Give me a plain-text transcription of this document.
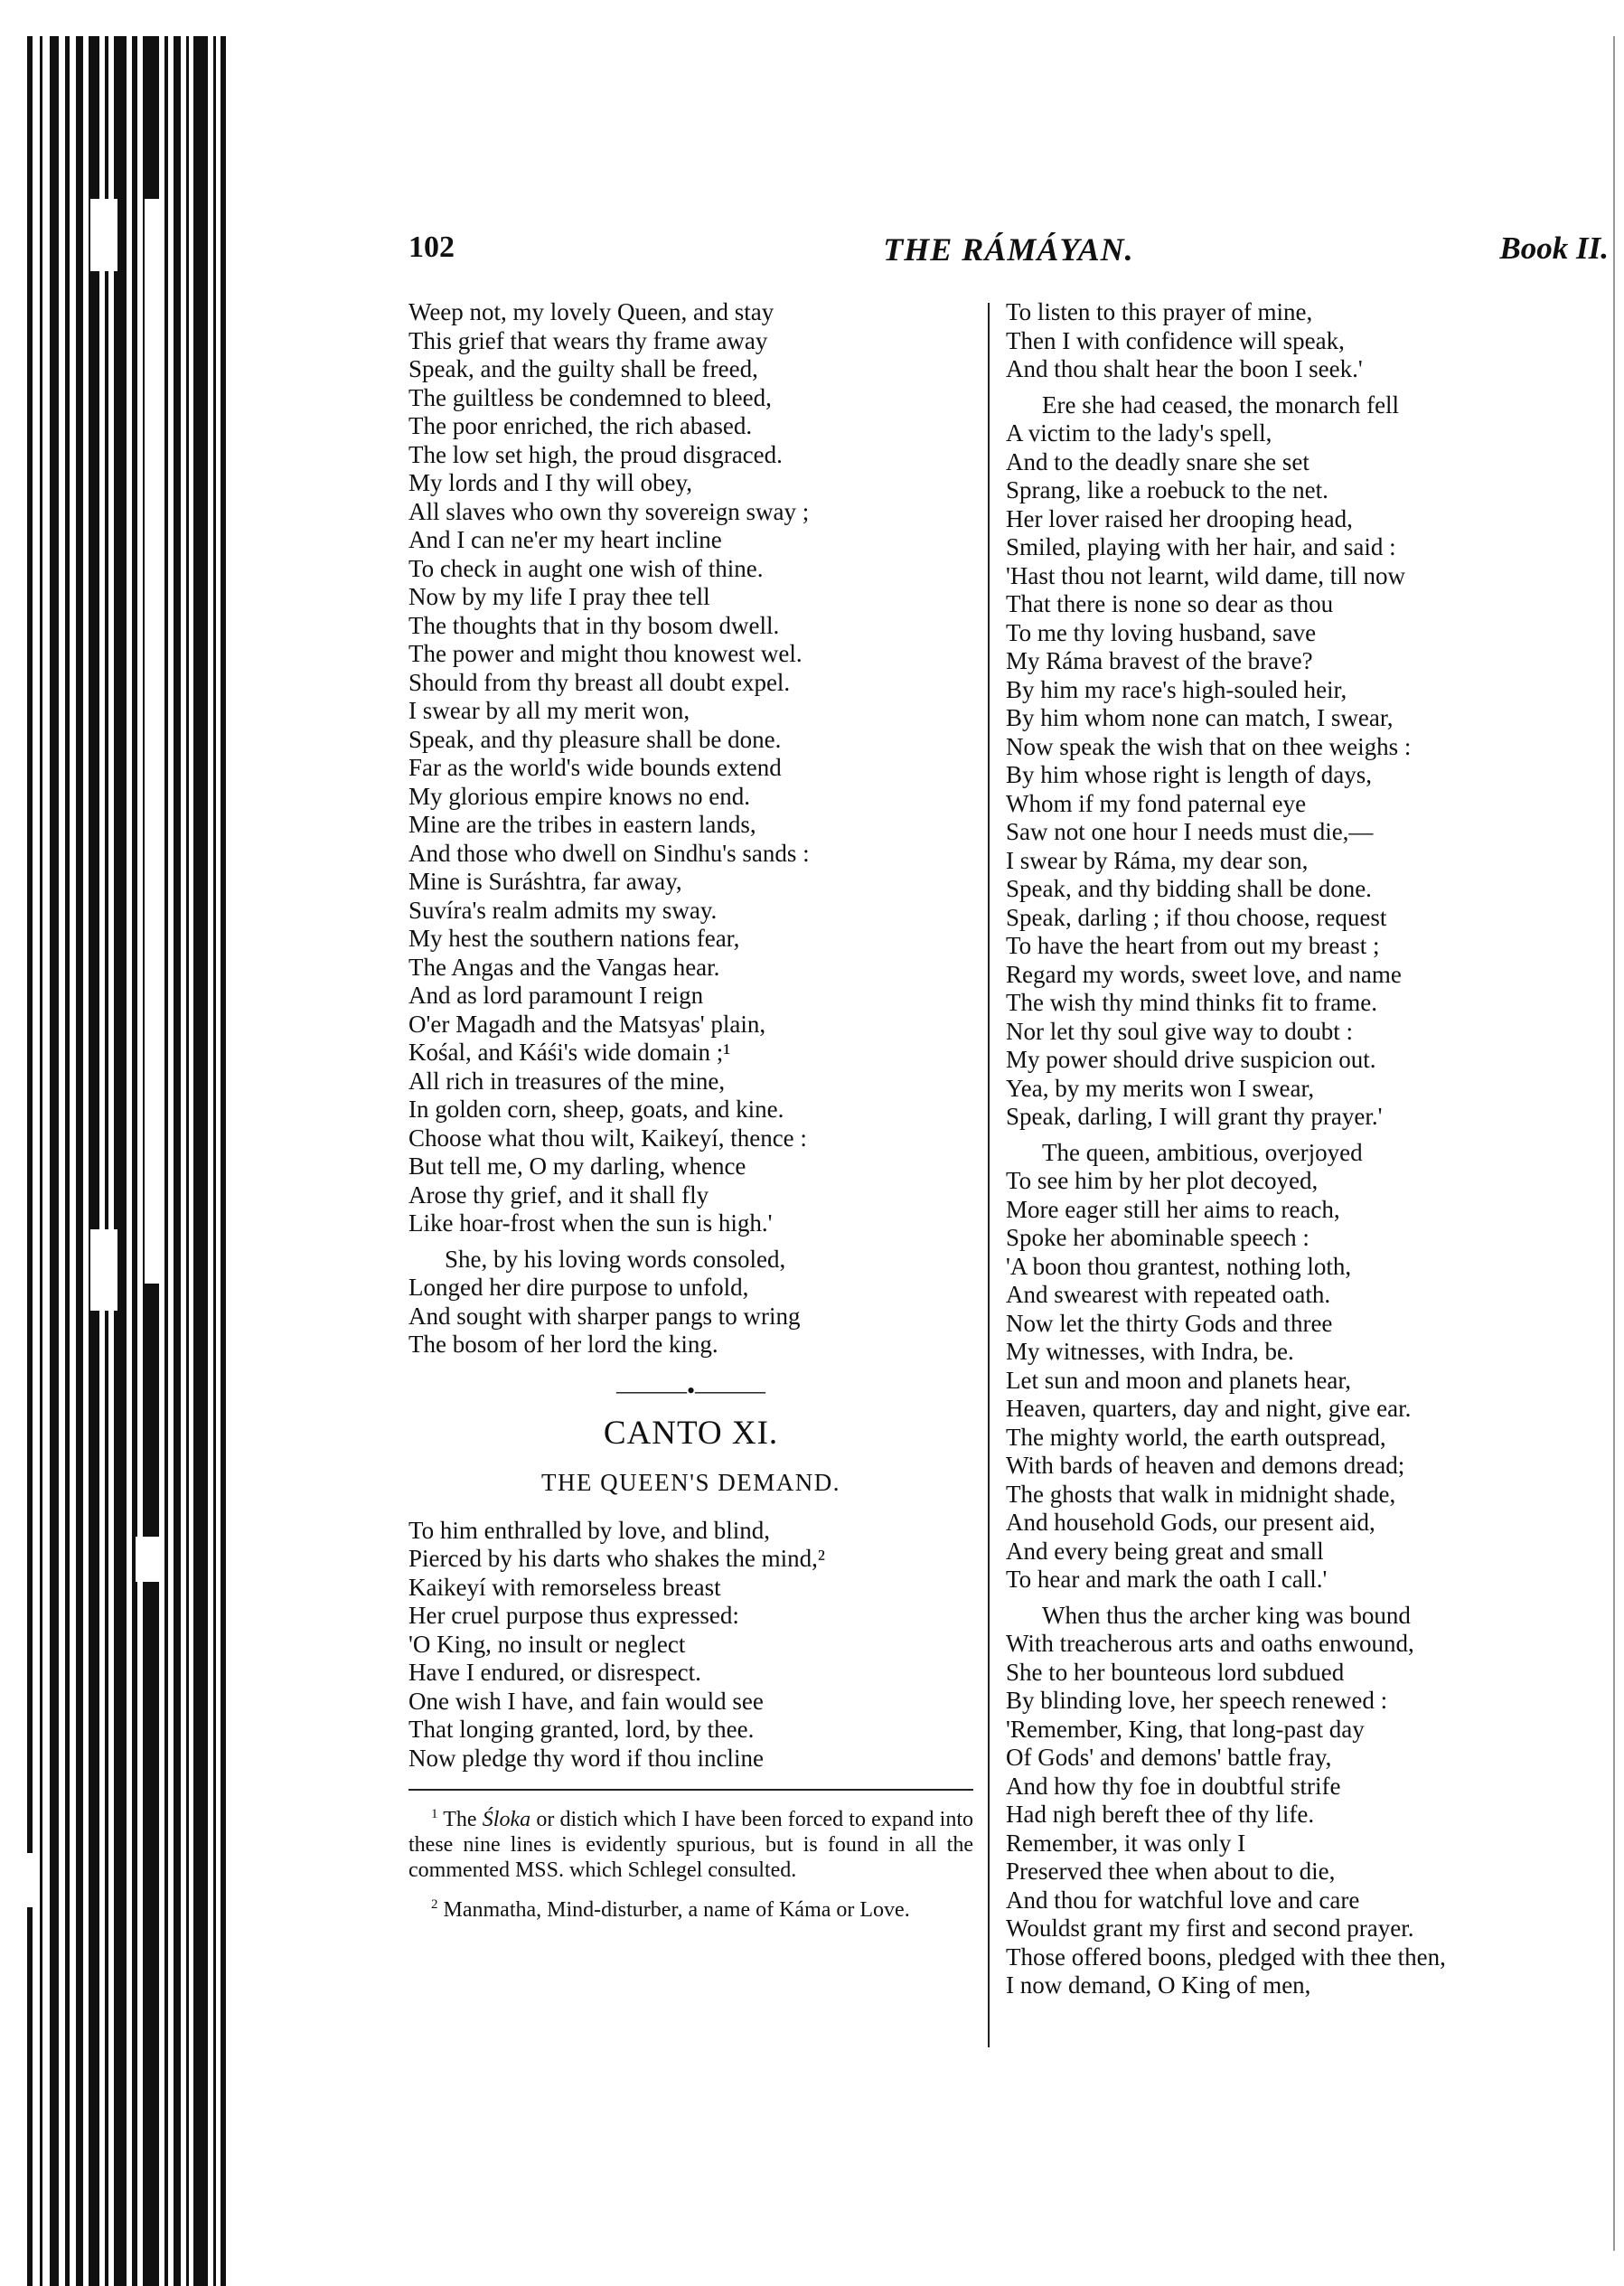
102	THE RÁMÁYAN.	Book II.
Weep not, my lovely Queen, and stay
This grief that wears thy frame away
Speak, and the guilty shall be freed,
The guiltless be condemned to bleed,
The poor enriched, the rich abased.
The low set high, the proud disgraced.
My lords and I thy will obey,
All slaves who own thy sovereign sway ;
And I can ne'er my heart incline
To check in aught one wish of thine.
Now by my life I pray thee tell
The thoughts that in thy bosom dwell.
The power and might thou knowest wel.
Should from thy breast all doubt expel.
I swear by all my merit won,
Speak, and thy pleasure shall be done.
Far as the world's wide bounds extend
My glorious empire knows no end.
Mine are the tribes in eastern lands,
And those who dwell on Sindhu's sands :
Mine is Suráshtra, far away,
Suvíra's realm admits my sway.
My hest the southern nations fear,
The Angas and the Vangas hear.
And as lord paramount I reign
O'er Magadh and the Matsyas' plain,
Kośal, and Káśi's wide domain ;¹
All rich in treasures of the mine,
In golden corn, sheep, goats, and kine.
Choose what thou wilt, Kaikeyí, thence :
But tell me, O my darling, whence
Arose thy grief, and it shall fly
Like hoar-frost when the sun is high.'
She, by his loving words consoled,
Longed her dire purpose to unfold,
And sought with sharper pangs to wring
The bosom of her lord the king.
———•———
CANTO XI.
THE QUEEN'S DEMAND.
To him enthralled by love, and blind,
Pierced by his darts who shakes the mind,²
Kaikeyí with remorseless breast
Her cruel purpose thus expressed:
'O King, no insult or neglect
Have I endured, or disrespect.
One wish I have, and fain would see
That longing granted, lord, by thee.
Now pledge thy word if thou incline

$^1$ The Śloka or distich which I have been forced to expand into these nine lines is evidently spurious, but is found in all the commented MSS. which Schlegel consulted.

$^2$ Manmatha, Mind-disturber, a name of Káma or Love.

To listen to this prayer of mine,
Then I with confidence will speak,
And thou shalt hear the boon I seek.'
Ere she had ceased, the monarch fell
A victim to the lady's spell,
And to the deadly snare she set
Sprang, like a roebuck to the net.
Her lover raised her drooping head,
Smiled, playing with her hair, and said :
'Hast thou not learnt, wild dame, till now
That there is none so dear as thou
To me thy loving husband, save
My Ráma bravest of the brave?
By him my race's high-souled heir,
By him whom none can match, I swear,
Now speak the wish that on thee weighs :
By him whose right is length of days,
Whom if my fond paternal eye
Saw not one hour I needs must die,—
I swear by Ráma, my dear son,
Speak, and thy bidding shall be done.
Speak, darling ; if thou choose, request
To have the heart from out my breast ;
Regard my words, sweet love, and name
The wish thy mind thinks fit to frame.
Nor let thy soul give way to doubt :
My power should drive suspicion out.
Yea, by my merits won I swear,
Speak, darling, I will grant thy prayer.'
The queen, ambitious, overjoyed
To see him by her plot decoyed,
More eager still her aims to reach,
Spoke her abominable speech :
'A boon thou grantest, nothing loth,
And swearest with repeated oath.
Now let the thirty Gods and three
My witnesses, with Indra, be.
Let sun and moon and planets hear,
Heaven, quarters, day and night, give ear.
The mighty world, the earth outspread,
With bards of heaven and demons dread;
The ghosts that walk in midnight shade,
And household Gods, our present aid,
And every being great and small
To hear and mark the oath I call.'
When thus the archer king was bound
With treacherous arts and oaths enwound,
She to her bounteous lord subdued
By blinding love, her speech renewed :
'Remember, King, that long-past day
Of Gods' and demons' battle fray,
And how thy foe in doubtful strife
Had nigh bereft thee of thy life.
Remember, it was only I
Preserved thee when about to die,
And thou for watchful love and care
Wouldst grant my first and second prayer.
Those offered boons, pledged with thee then,
I now demand, O King of men,
